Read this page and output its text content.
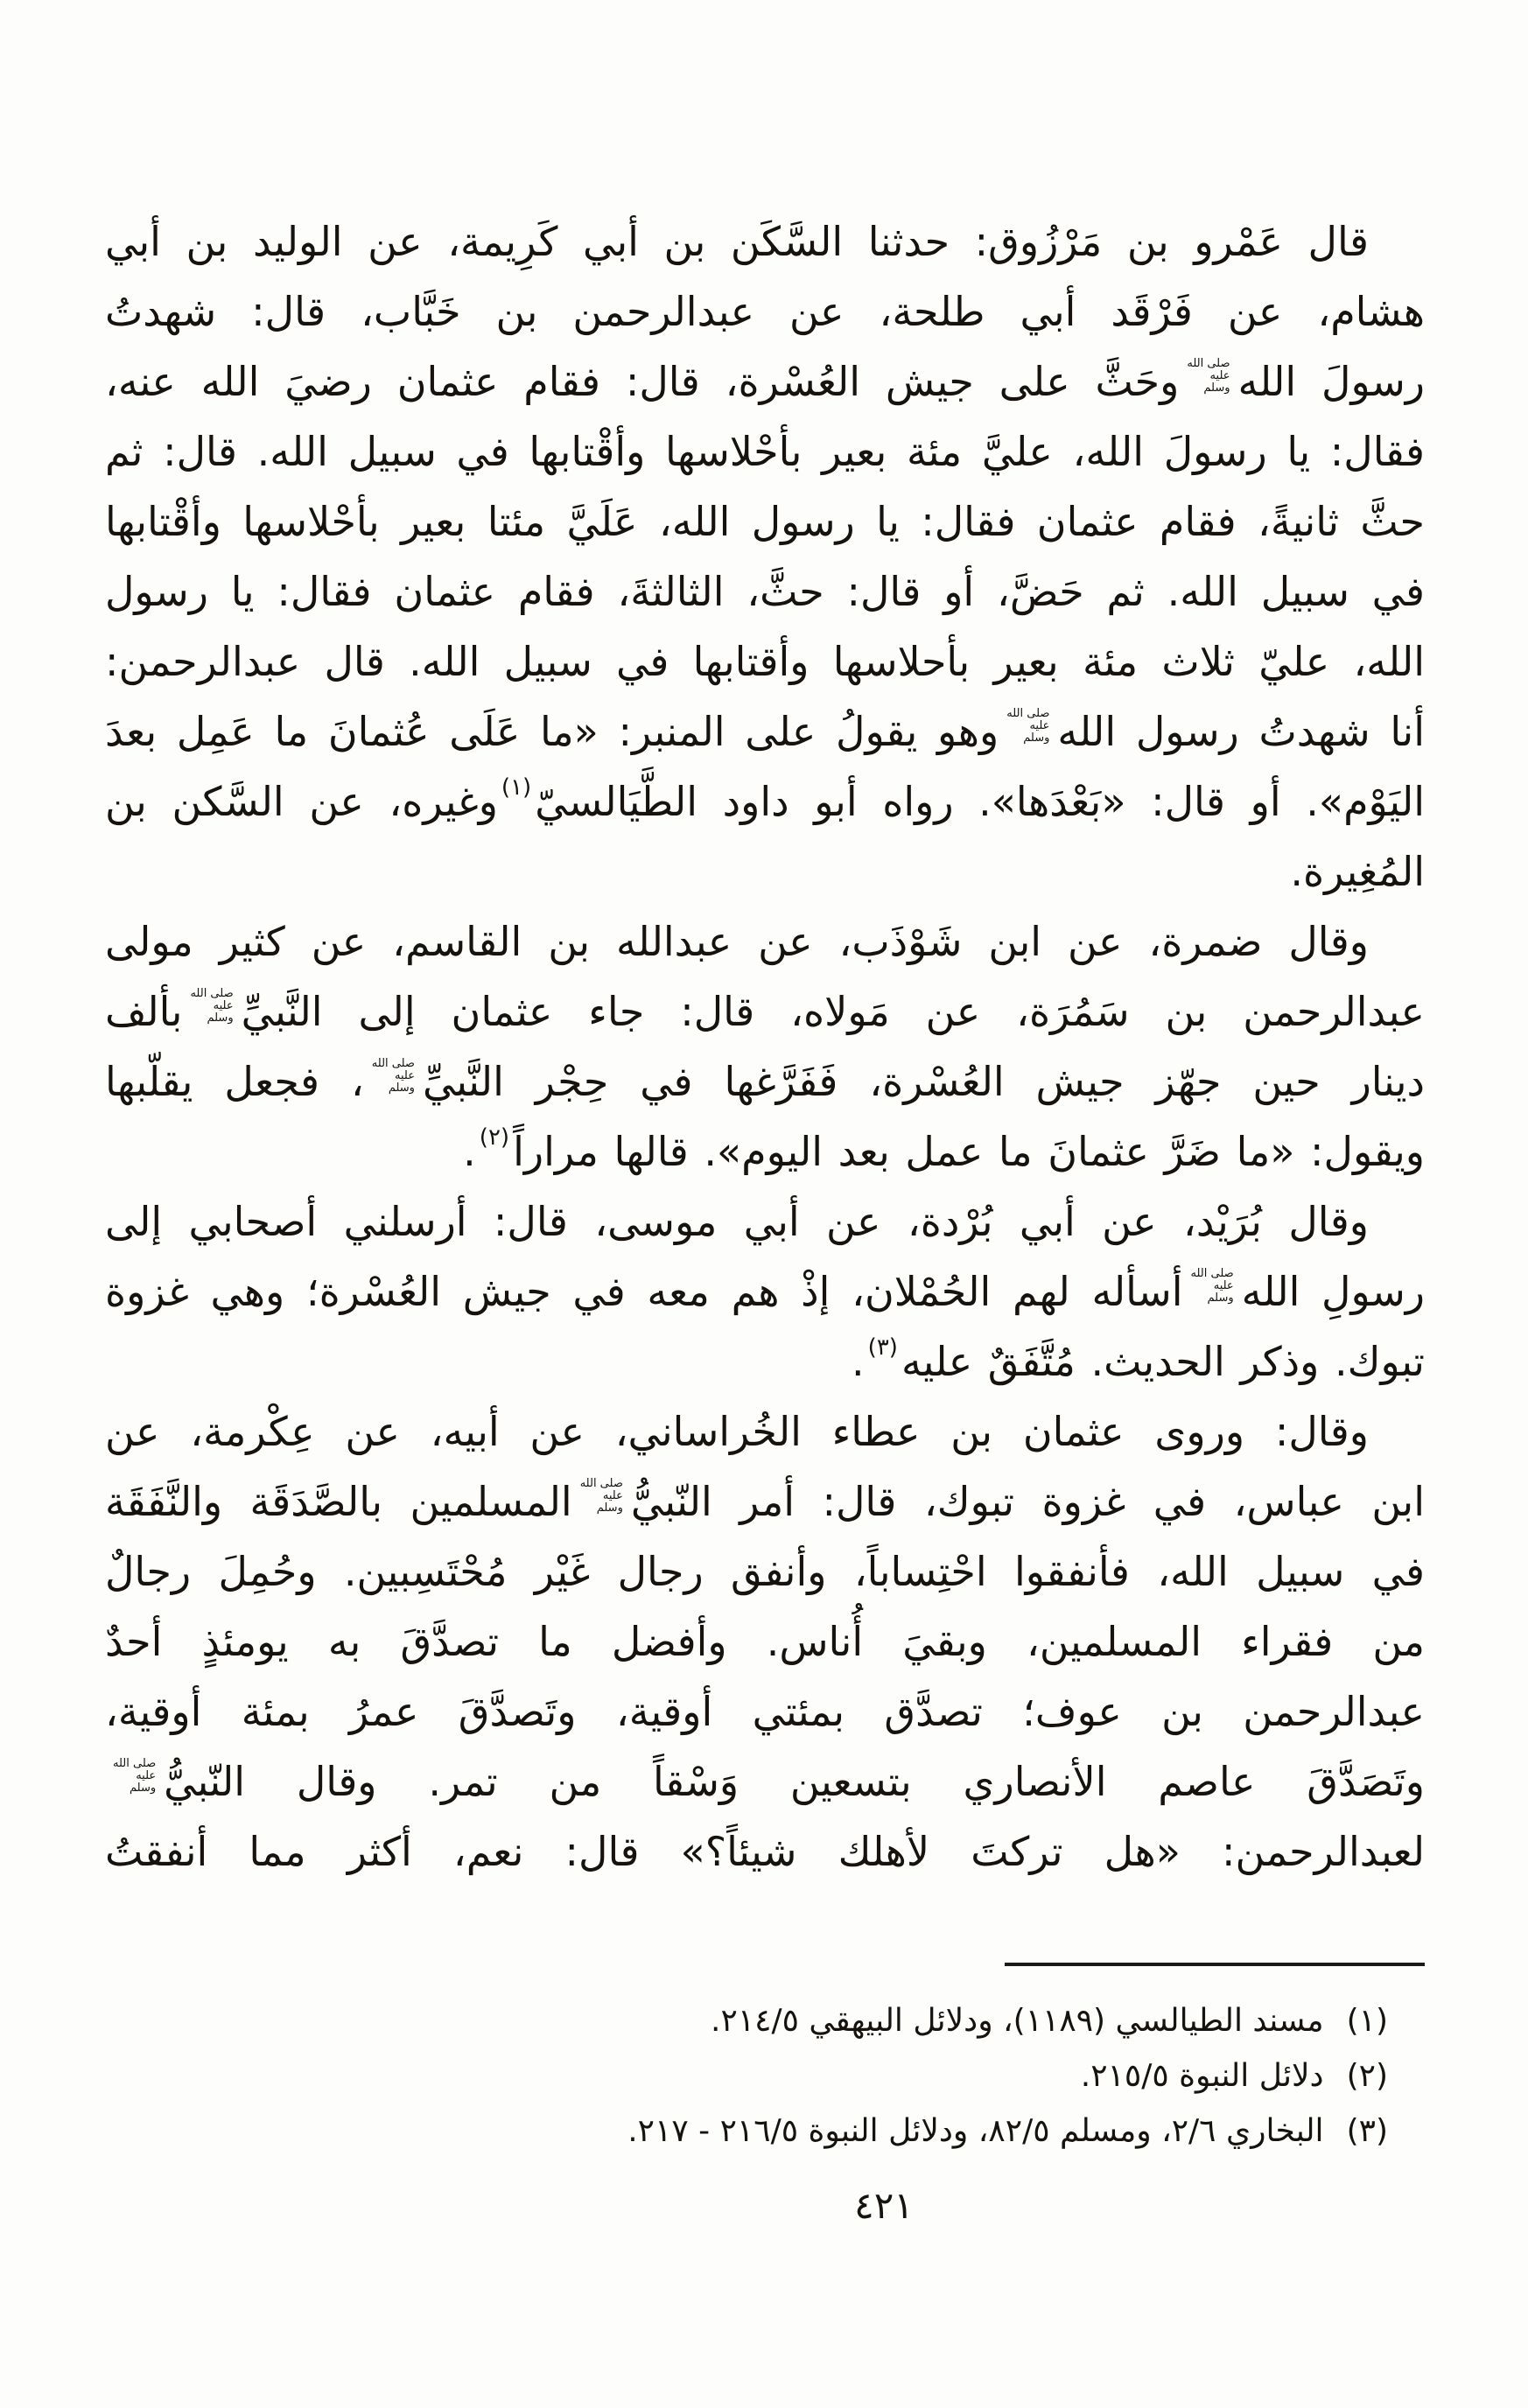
قال عَمْرو بن مَرْزُوق: حدثنا السَّكَن بن أبي كَرِيمة، عن الوليد بن أبي
هشام، عن فَرْقَد أبي طلحة، عن عبدالرحمن بن خَبَّاب، قال: شهدتُ
رسولَ الله
صلى الله
عليه
وسلم
وحَثَّ على جيش العُسْرة، قال: فقام عثمان رضيَ الله عنه،
فقال: يا رسولَ الله، عليَّ مئة بعير بأحْلاسها وأقْتابها في سبيل الله. قال: ثم
حثَّ ثانيةً، فقام عثمان فقال: يا رسول الله، عَلَيَّ مئتا بعير بأحْلاسها وأقْتابها
في سبيل الله. ثم حَضَّ، أو قال: حثَّ، الثالثةَ، فقام عثمان فقال: يا رسول
الله، عليّ ثلاث مئة بعير بأحلاسها وأقتابها في سبيل الله. قال عبدالرحمن:
أنا شهدتُ رسول الله
صلى الله
عليه
وسلم
وهو يقولُ على المنبر: «ما عَلَى عُثمانَ ما عَمِل بعدَ
اليَوْم». أو قال: «بَعْدَها». رواه أبو داود الطَّيَالسيّ$^{(١)}$وغيره، عن السَّكن بن
المُغِيرة.
وقال ضمرة، عن ابن شَوْذَب، عن عبدالله بن القاسم، عن كثير مولى
عبدالرحمن بن سَمُرَة، عن مَولاه، قال: جاء عثمان إلى النَّبيِّ
صلى الله
عليه
وسلم
بألف
دينار حين جهّز جيش العُسْرة، فَفَرَّغها في حِجْر النَّبيِّ
صلى الله
عليه
وسلم
، فجعل يقلّبها
ويقول: «ما ضَرَّ عثمانَ ما عمل بعد اليوم». قالها مراراً$^{(٢)}$.
وقال بُرَيْد، عن أبي بُرْدة، عن أبي موسى، قال: أرسلني أصحابي إلى
رسولِ الله
صلى الله
عليه
وسلم
أسأله لهم الحُمْلان، إذْ هم معه في جيش العُسْرة؛ وهي غزوة
تبوك. وذكر الحديث. مُتَّفَقٌ عليه$^{(٣)}$.
وقال: وروى عثمان بن عطاء الخُراساني، عن أبيه، عن عِكْرمة، عن
ابن عباس، في غزوة تبوك، قال: أمر النّبيُّ
صلى الله
عليه
وسلم
المسلمين بالصَّدَقَة والنَّفَقَة
في سبيل الله، فأنفقوا احْتِساباً، وأنفق رجال غَيْر مُحْتَسِبين. وحُمِلَ رجالٌ
من فقراء المسلمين، وبقيَ أُناس. وأفضل ما تصدَّقَ به يومئذٍ أحدٌ
عبدالرحمن بن عوف؛ تصدَّق بمئتي أوقية، وتَصدَّقَ عمرُ بمئة أوقية،
وتَصَدَّقَ عاصم الأنصاري بتسعين وَسْقاً من تمر. وقال النّبيُّ
صلى الله
عليه
وسلم
لعبدالرحمن: «هل تركتَ لأهلك شيئاً؟» قال: نعم، أكثر مما أنفقتُ
(١)
مسند الطيالسي (١١٨٩)، ودلائل البيهقي ٢١٤/٥.
(٢)
دلائل النبوة ٢١٥/٥.
(٣)
البخاري ٢/٦، ومسلم ٨٢/٥، ودلائل النبوة ٢١٦/٥ - ٢١٧.
٤٢١
